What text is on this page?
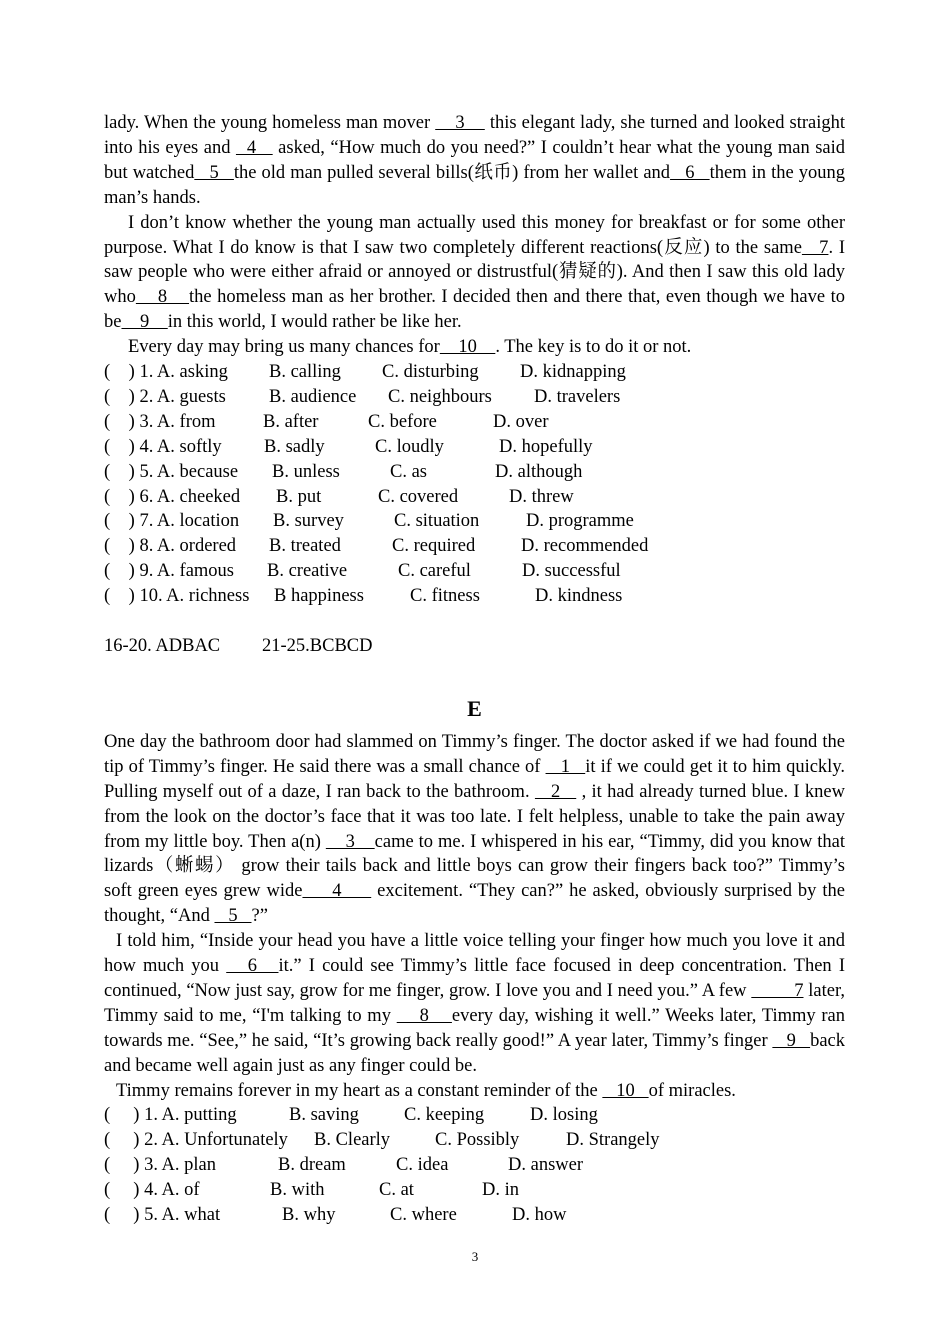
lady. When the young homeless man mover     3     this elegant lady, she turned and looked straight into his eyes and   4    asked, “How much do you need?” I couldn’t hear what the young man said but watched   5   the old man pulled several bills(纸币) from her wallet and   6   them in the young man’s hands.

I don’t know whether the young man actually used this money for breakfast or for some other purpose. What I do know is that I saw two completely different reactions(反应) to the same   7. I saw people who were either afraid or annoyed or distrustful(猜疑的). And then I saw this old lady who    8    the homeless man as her brother. I decided then and there that, even though we have to be    9    in this world, I would rather be like her.

Every day may bring us many chances for    10    . The key is to do it or not.

(    ) 1. A. asking	B. calling	C. disturbing	D. kidnapping
(    ) 2. A. guests	B. audience	C. neighbours	D. travelers
(    ) 3. A. from	B. after	C. before	D. over
(    ) 4. A. softly	B. sadly	C. loudly	D. hopefully
(    ) 5. A. because	B. unless	C. as	D. although
(    ) 6. A. cheeked	B. put	C. covered	D. threw
(    ) 7. A. location	B. survey	C. situation	D. programme
(    ) 8. A. ordered	B. treated	C. required	D. recommended
(    ) 9. A. famous	B. creative	C. careful	D. successful
(    ) 10. A. richness	B happiness	C. fitness	D. kindness
16-20. ADBAC 21-25.BCBCD
E

One day the bathroom door had slammed on Timmy’s finger. The doctor asked if we had found the tip of Timmy’s finger. He said there was a small chance of    1   it if we could get it to him quickly. Pulling myself out of a daze, I ran back to the bathroom.    2    , it had already turned blue. I knew from the look on the doctor’s face that it was too late. I felt helpless, unable to take the pain away from my little boy. Then a(n)     3    came to me. I whispered in his ear, “Timmy, did you know that lizards（蜥蜴） grow their tails back and little boys can grow their fingers back too?” Timmy’s soft green eyes grew wide     4      excitement. “They can?” he asked, obviously surprised by the thought, “And    5   ?”

I told him, “Inside your head you have a little voice telling your finger how much you love it and how much you    6   it.” I could see Timmy’s little face focused in deep concentration. Then I continued, “Now just say, grow for me finger, grow. I love you and I need you.” A few          7 later, Timmy said to me, “I'm talking to my     8    every day, wishing it well.” Weeks later, Timmy ran towards me. “See,” he said, “It’s growing back really good!” A year later, Timmy’s finger    9   back and became well again just as any finger could be.

Timmy remains forever in my heart as a constant reminder of the    10   of miracles.

(     ) 1. A. putting	B. saving	C. keeping	D. losing
(     ) 2. A. Unfortunately	B. Clearly	C. Possibly	D. Strangely
(     ) 3. A. plan	B. dream	C. idea	D. answer
(     ) 4. A. of	B. with	C. at	D. in
(     ) 5. A. what	B. why	C. where	D. how
3
